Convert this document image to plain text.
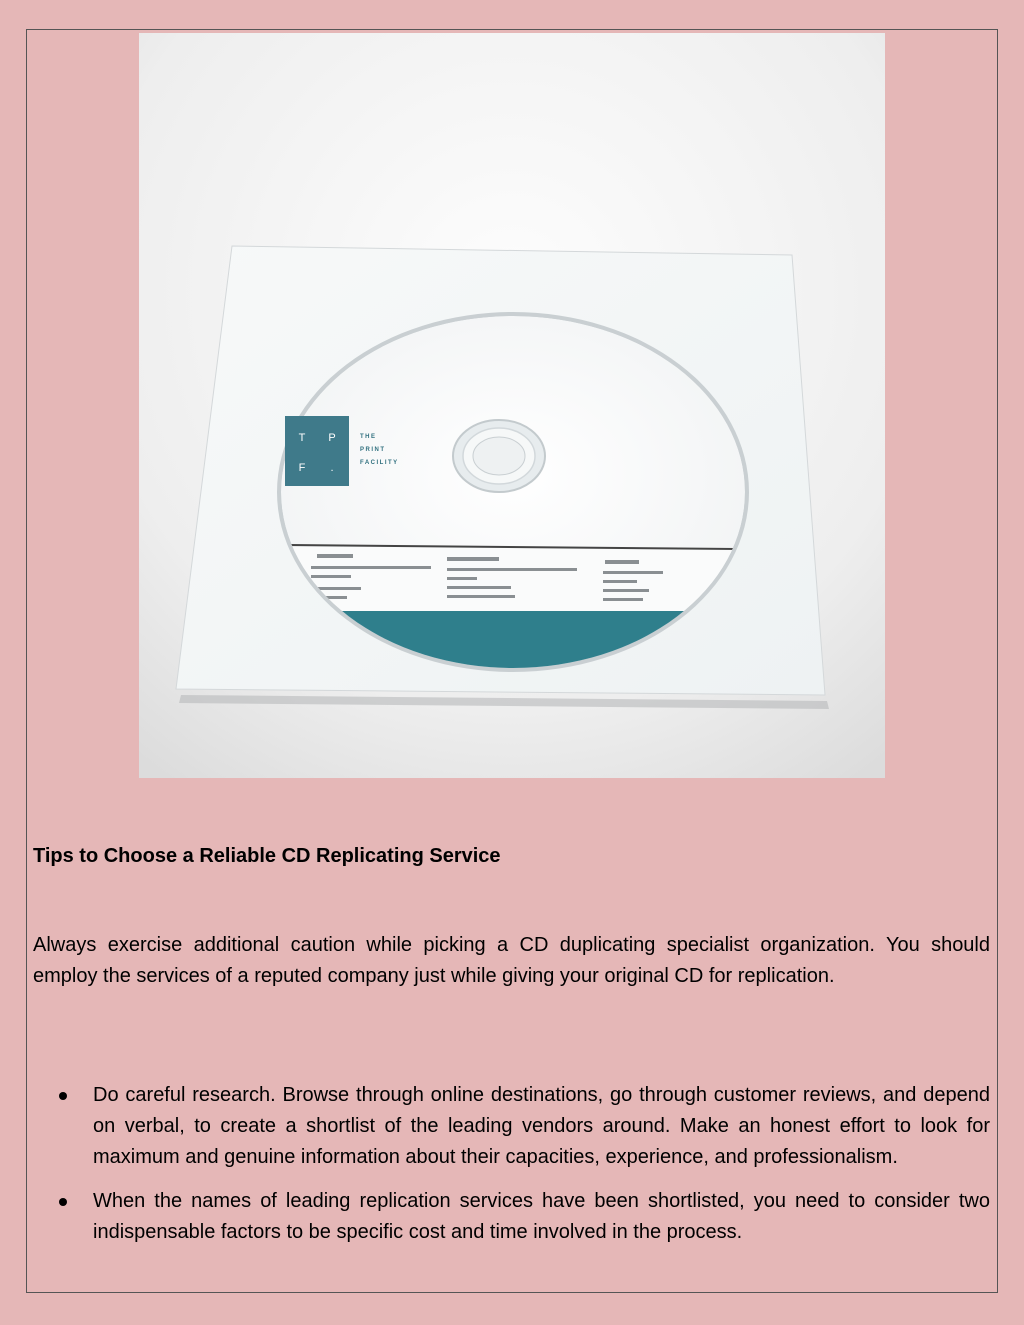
T P
F .
THE
PRINT
FACILITY
Tips to Choose a Reliable CD Replicating Service

Always exercise additional caution while picking a CD duplicating specialist organization. You should employ the services of a reputed company just while giving your original CD for replication.

Do careful research. Browse through online destinations, go through customer reviews, and depend on verbal, to create a shortlist of the leading vendors around. Make an honest effort to look for maximum and genuine information about their capacities, experience, and professionalism.
When the names of leading replication services have been shortlisted, you need to consider two indispensable factors to be specific cost and time involved in the process.
